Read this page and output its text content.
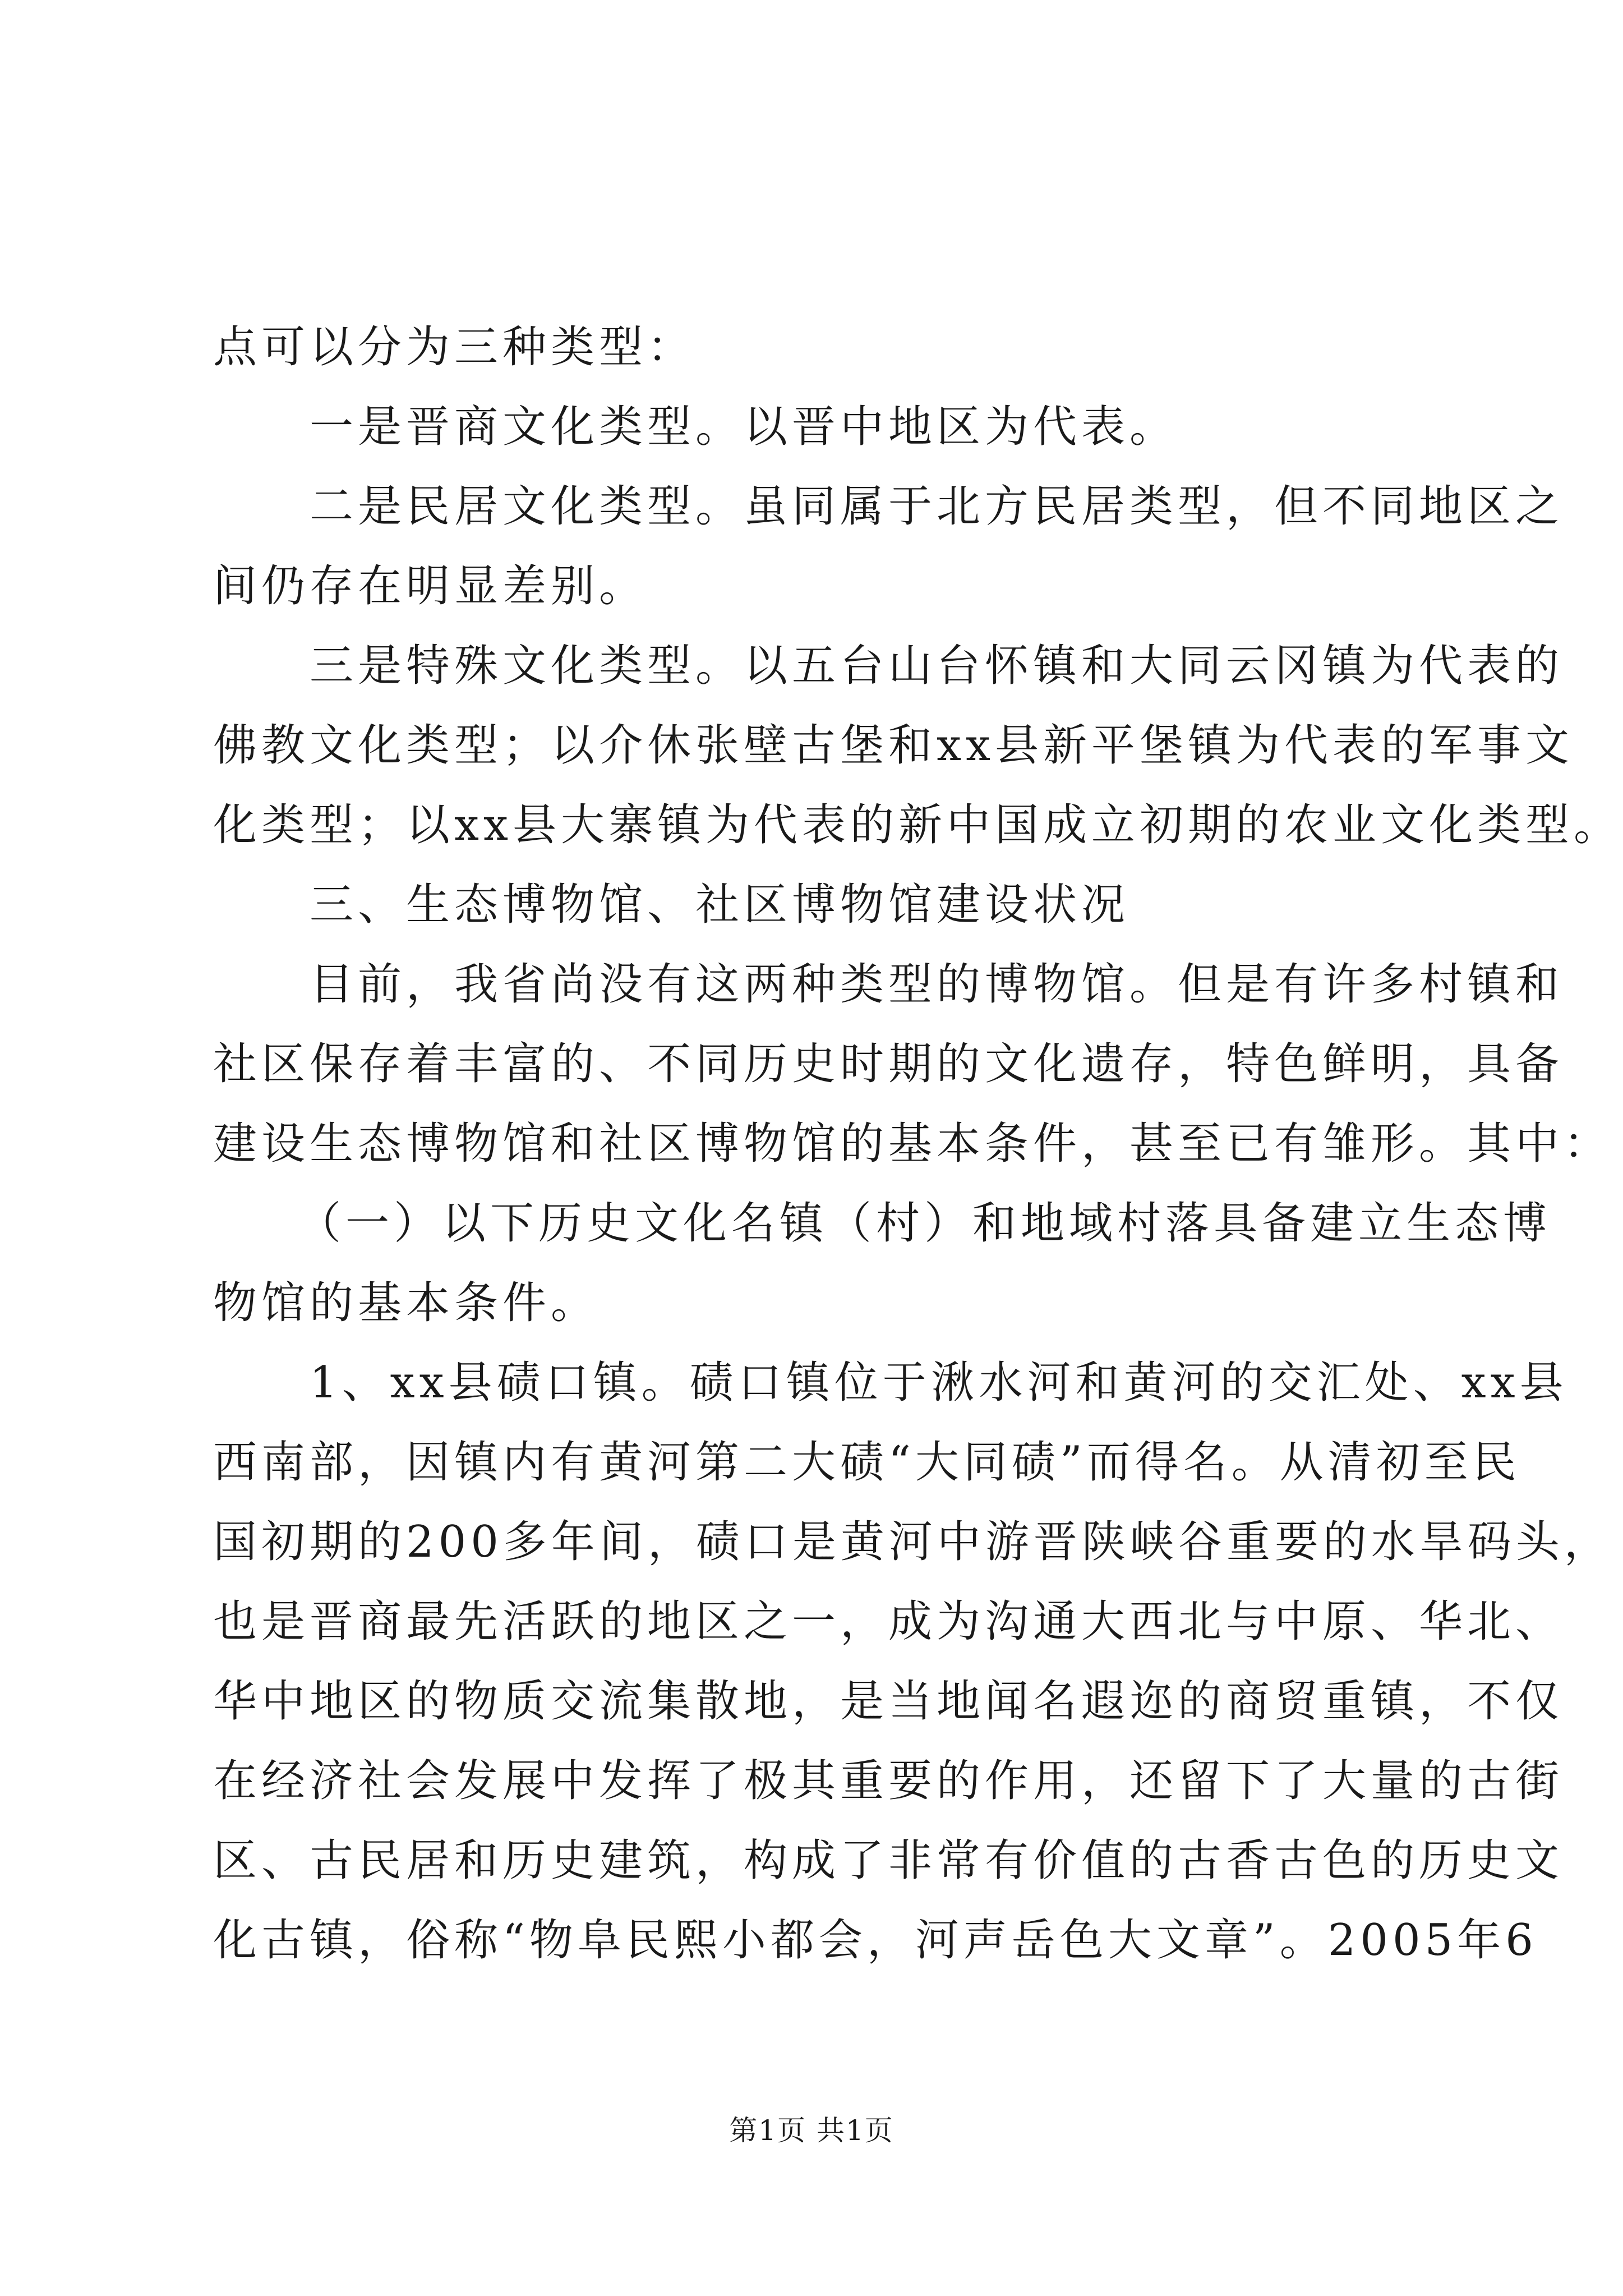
点可以分为三种类型：
一是晋商文化类型。以晋中地区为代表。
二是民居文化类型。虽同属于北方民居类型，但不同地区之
间仍存在明显差别。
三是特殊文化类型。以五台山台怀镇和大同云冈镇为代表的
佛教文化类型；以介休张壁古堡和xx县新平堡镇为代表的军事文
化类型；以xx县大寨镇为代表的新中国成立初期的农业文化类型。
三、生态博物馆、社区博物馆建设状况
目前，我省尚没有这两种类型的博物馆。但是有许多村镇和
社区保存着丰富的、不同历史时期的文化遗存，特色鲜明，具备
建设生态博物馆和社区博物馆的基本条件，甚至已有雏形。其中：
（一）以下历史文化名镇（村）和地域村落具备建立生态博
物馆的基本条件。
1、xx县碛口镇。碛口镇位于湫水河和黄河的交汇处、xx县
西南部，因镇内有黄河第二大碛“大同碛”而得名。从清初至民
国初期的200多年间，碛口是黄河中游晋陕峡谷重要的水旱码头，
也是晋商最先活跃的地区之一，成为沟通大西北与中原、华北、
华中地区的物质交流集散地，是当地闻名遐迩的商贸重镇，不仅
在经济社会发展中发挥了极其重要的作用，还留下了大量的古街
区、古民居和历史建筑，构成了非常有价值的古香古色的历史文
化古镇，俗称“物阜民熙小都会，河声岳色大文章”。2005年6
第1页 共1页
